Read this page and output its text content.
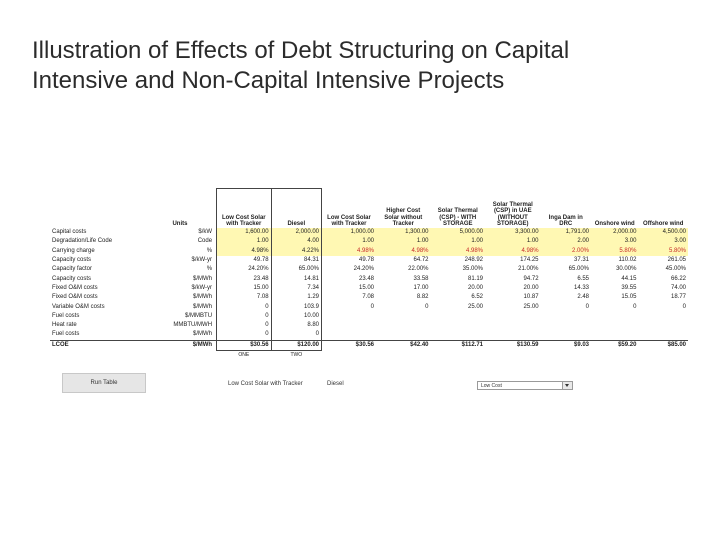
Illustration of Effects of Debt Structuring on Capital
Intensive and Non-Capital Intensive Projects
	Units	Low Cost Solar with Tracker	Diesel	Low Cost Solar with Tracker	Higher Cost Solar without Tracker	Solar Thermal (CSP) - WITH STORAGE	Solar Thermal (CSP) in UAE (WITHOUT STORAGE)	Inga Dam in DRC	Onshore wind	Offshore wind
Capital costs	$/kW	1,600.00	2,000.00	1,000.00	1,300.00	5,000.00	3,300.00	1,791.00	2,000.00	4,500.00
Degradation/Life Code	Code	1.00	4.00	1.00	1.00	1.00	1.00	2.00	3.00	3.00
Carrying charge	%	4.98%	4.22%	4.98%	4.98%	4.98%	4.98%	2.00%	5.80%	5.80%
Capacity costs	$/kW-yr	49.78	84.31	49.78	64.72	248.92	174.25	37.31	110.02	261.05
Capacity factor	%	24.20%	65.00%	24.20%	22.00%	35.00%	21.00%	65.00%	30.00%	45.00%
Capacity costs	$/MWh	23.48	14.81	23.48	33.58	81.19	94.72	6.55	44.15	66.22
Fixed O&M costs	$/kW-yr	15.00	7.34	15.00	17.00	20.00	20.00	14.33	39.55	74.00
Fixed O&M costs	$/MWh	7.08	1.29	7.08	8.82	6.52	10.87	2.48	15.05	18.77
Variable O&M costs	$/MWh	0	103.9	0	0	25.00	25.00	0	0	0
Fuel costs	$/MMBTU	0	10.00							
Heat rate	MMBTU/MWH	0	8.80							
Fuel costs	$/MWh	0	0							
LCOE	$/MWh	$30.56	$120.00	$30.56	$42.40	$112.71	$130.59	$9.03	$59.20	$85.00
		ONE	TWO							
Run Table	Low Cost Solar with Tracker	Diesel	Low Cost
